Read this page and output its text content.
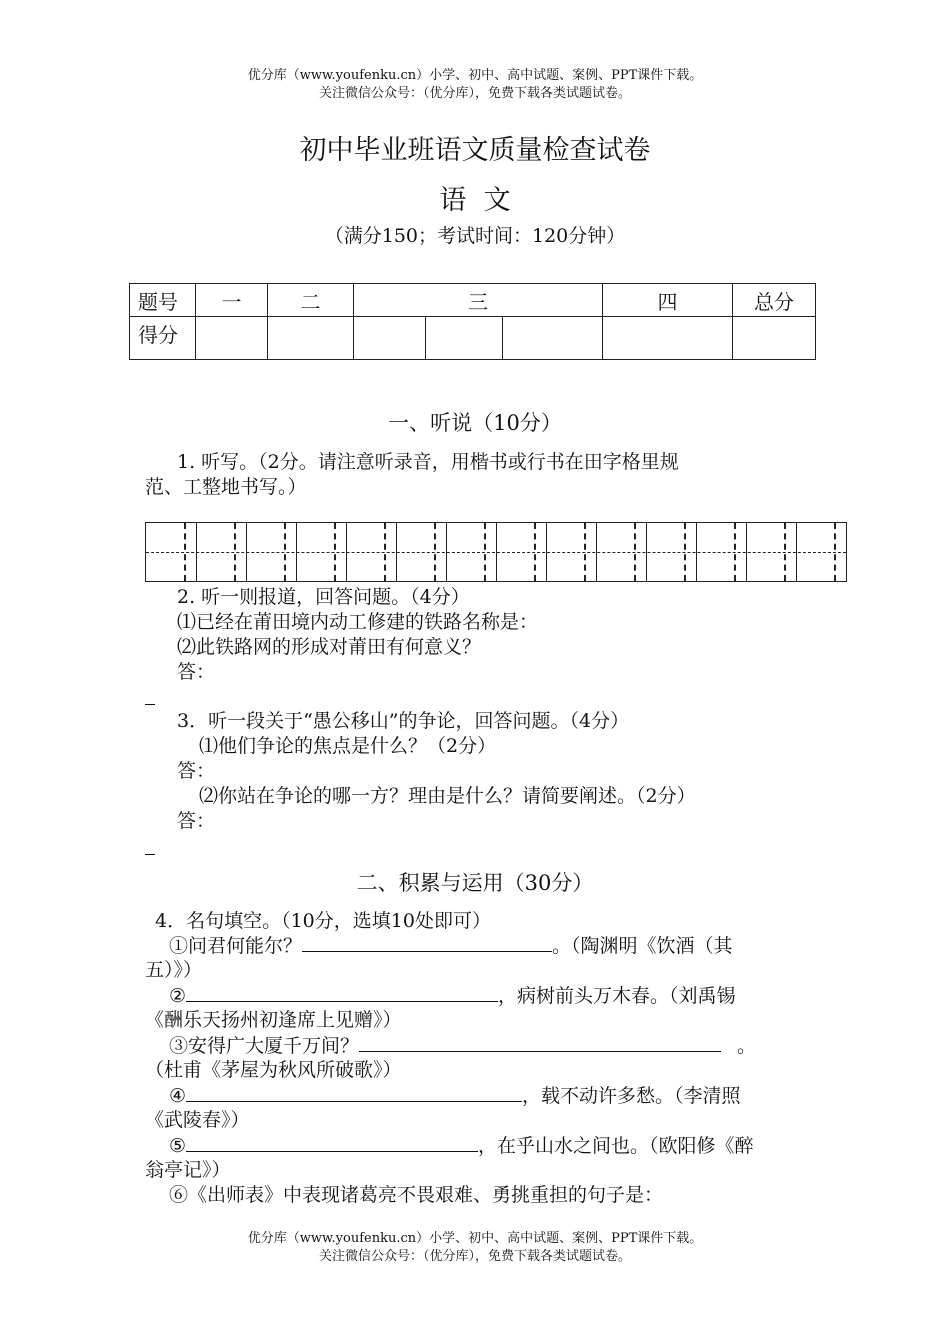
优分库（www.youfenku.cn）小学、初中、高中试题、案例、PPT课件下载。
关注微信公众号：（优分库），免费下载各类试题试卷。
初中毕业班语文质量检查试卷
语  文
（满分150；考试时间：120分钟）
题号	一	二	三			四	总分
得分							
一、听说（10分）
1. 听写。（2分。请注意听录音，用楷书或行书在田字格里规
范、工整地书写。）
2. 听一则报道，回答问题。（4分）
⑴已经在莆田境内动工修建的铁路名称是：
⑵此铁路网的形成对莆田有何意义？
答：
3．听一段关于“愚公移山”的争论，回答问题。（4分）
⑴他们争论的焦点是什么？（2分）
答：
⑵你站在争论的哪一方？理由是什么？请简要阐述。（2分）
答：
二、积累与运用（30分）
4．名句填空。（10分，选填10处即可）
①问君何能尔？	。（陶渊明《饮酒（其
五）》）
②	，病树前头万木春。（刘禹锡
《酬乐天扬州初逢席上见赠》）
③安得广大厦千万间？	。
（杜甫《茅屋为秋风所破歌》）
④	，载不动许多愁。（李清照
《武陵春》）
⑤	，在乎山水之间也。（欧阳修《醉
翁亭记》）
⑥《出师表》中表现诸葛亮不畏艰难、勇挑重担的句子是：
优分库（www.youfenku.cn）小学、初中、高中试题、案例、PPT课件下载。
关注微信公众号：（优分库），免费下载各类试题试卷。
